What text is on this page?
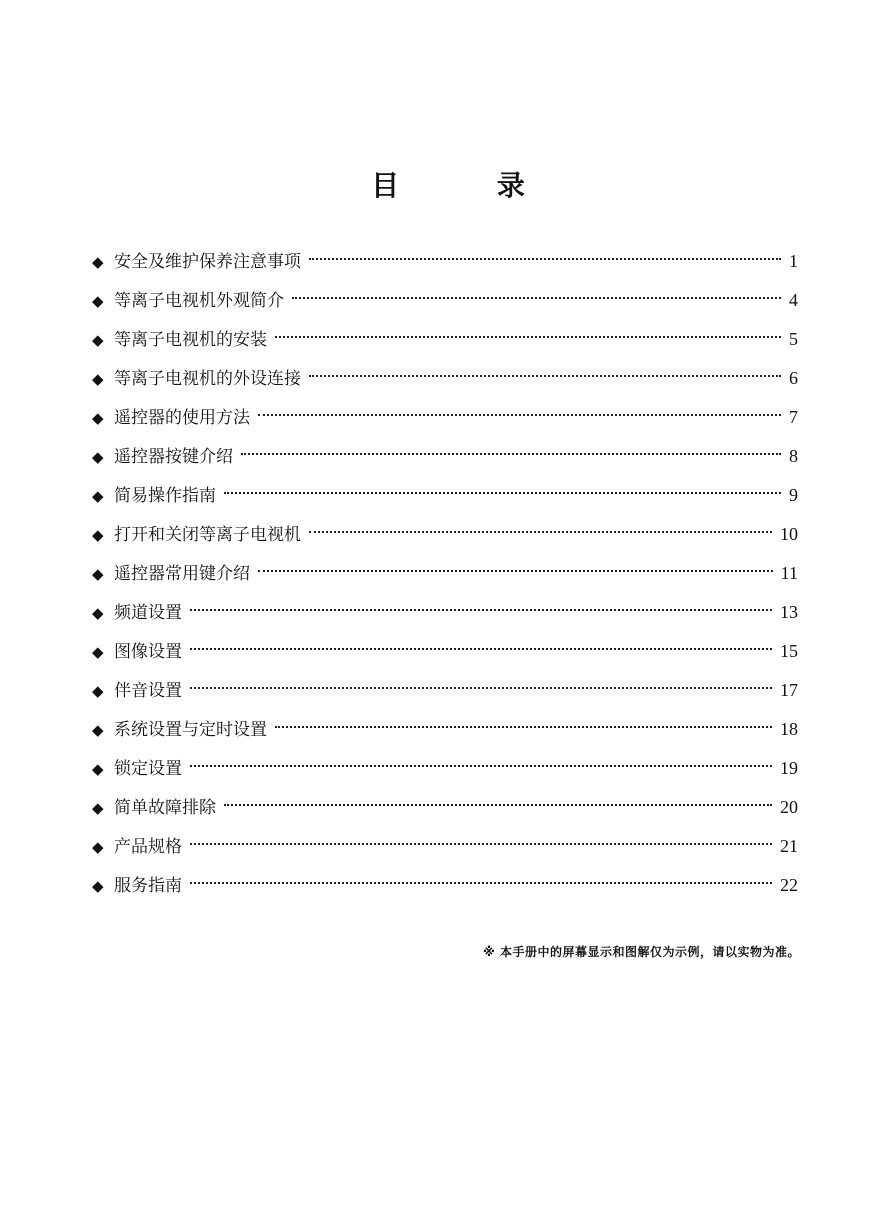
目 录
◆ 安全及维护保养注意事项	1
◆ 等离子电视机外观简介	4
◆ 等离子电视机的安装	5
◆ 等离子电视机的外设连接	6
◆ 遥控器的使用方法	7
◆ 遥控器按键介绍	8
◆ 简易操作指南	9
◆ 打开和关闭等离子电视机	10
◆ 遥控器常用键介绍	11
◆ 频道设置	13
◆ 图像设置	15
◆ 伴音设置	17
◆ 系统设置与定时设置	18
◆ 锁定设置	19
◆ 简单故障排除	20
◆ 产品规格	21
◆ 服务指南	22
※ 本手册中的屏幕显示和图解仅为示例，请以实物为准。
